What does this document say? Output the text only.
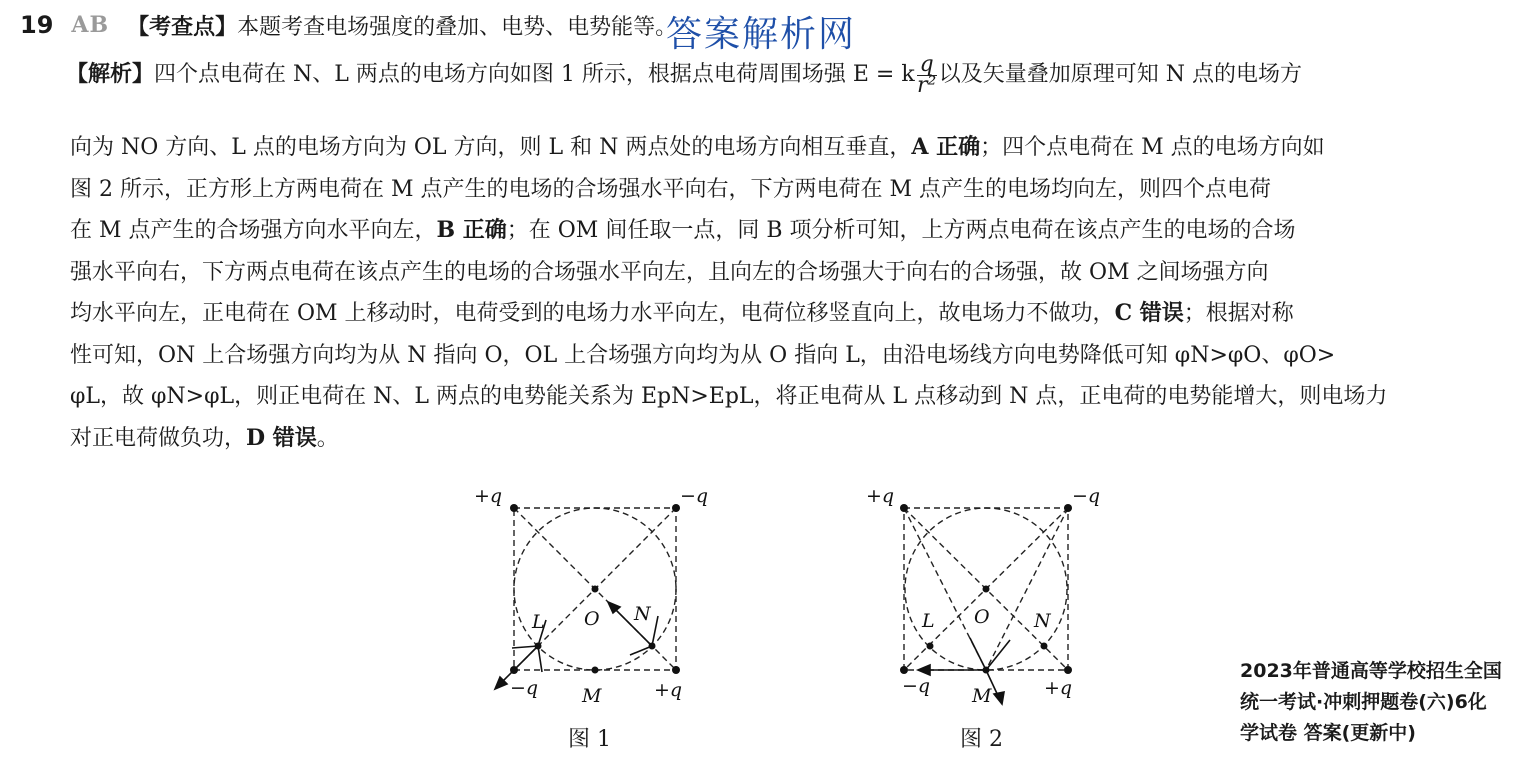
19 AB 【考查点】 本题考查电场强度的叠加、电势、电势能等。
答案解析网
【解析】四个点电荷在 N、L 两点的电场方向如图 1 所示，根据点电荷周围场强 E = k $\frac{q}{\text{r²}}$ 以及矢量叠加原理可知 N 点的电场方
向为 NO 方向、L 点的电场方向为 OL 方向，则 L 和 N 两点处的电场方向相互垂直，A 正确；四个点电荷在 M 点的电场方向如
图 2 所示，正方形上方两电荷在 M 点产生的电场的合场强水平向右，下方两电荷在 M 点产生的电场均向左，则四个点电荷
在 M 点产生的合场强方向水平向左，B 正确；在 OM 间任取一点，同 B 项分析可知，上方两点电荷在该点产生的电场的合场
强水平向右，下方两点电荷在该点产生的电场的合场强水平向左，且向左的合场强大于向右的合场强，故 OM 之间场强方向
均水平向左，正电荷在 OM 上移动时，电荷受到的电场力水平向左，电荷位移竖直向上，故电场力不做功，C 错误；根据对称
性可知，ON 上合场强方向均为从 N 指向 O，OL 上合场强方向均为从 O 指向 L，由沿电场线方向电势降低可知 φN>φO、φO>
φL，故 φN>φL，则正电荷在 N、L 两点的电势能关系为 EpN>EpL，将正电荷从 L 点移动到 N 点，正电荷的电势能增大，则电场力
对正电荷做负功，D 错误。
+q	−q
−q	+q
O
L	N
M
图 1
+q	−q
−q	+q
O
L	N
M
图 2
2023年普通高等学校招生全国
统一考试·冲刺押题卷(六)6化
学试卷 答案(更新中)
